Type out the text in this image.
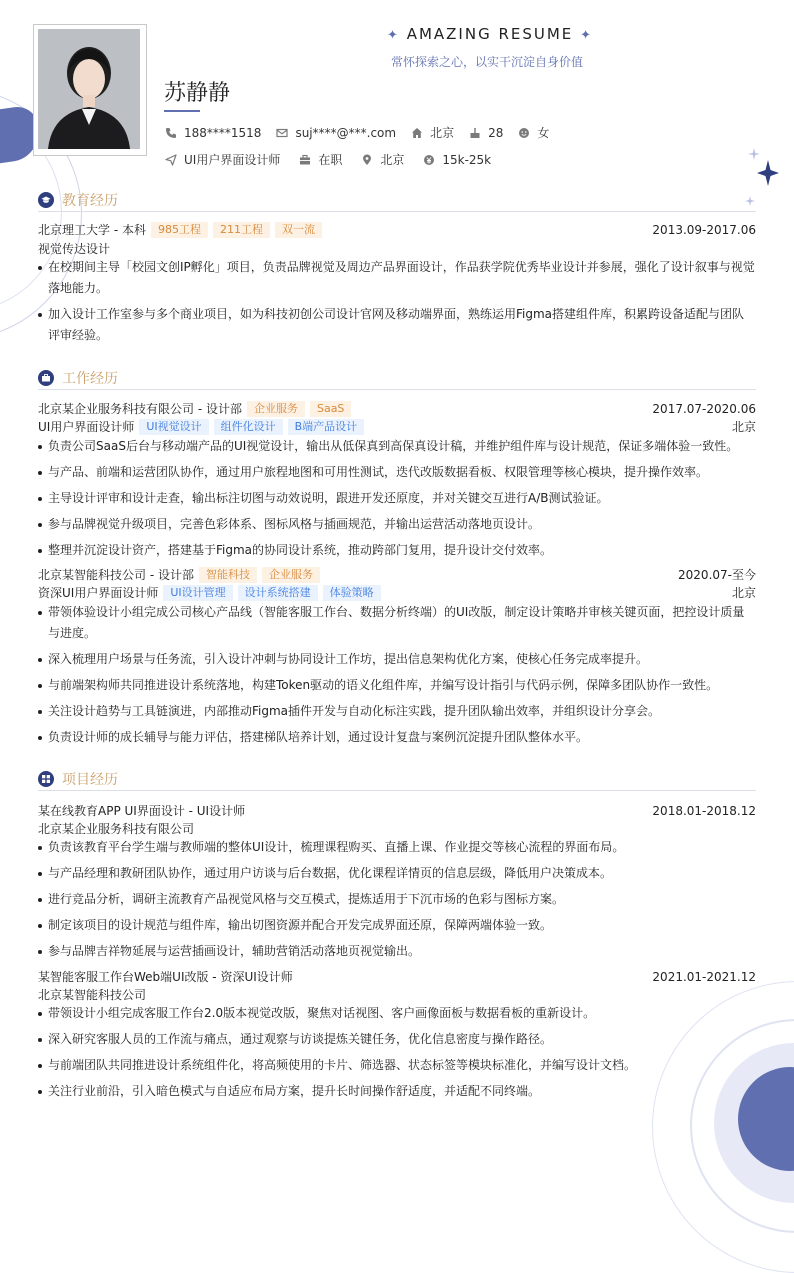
✦ AMAZING RESUME ✦
常怀探索之心，以实干沉淀自身价值
苏静静
188****1518	suj****@***.com	北京	28	女
UI用户界面设计师	在职	北京	15k-25k
教育经历
北京理工大学 - 本科	985工程	211工程	双一流	2013.09-2017.06
视觉传达设计
在校期间主导「校园文创IP孵化」项目，负责品牌视觉及周边产品界面设计，作品获学院优秀毕业设计并参展，强化了设计叙事与视觉落地能力。
加入设计工作室参与多个商业项目，如为科技初创公司设计官网及移动端界面，熟练运用Figma搭建组件库，积累跨设备适配与团队评审经验。
工作经历
北京某企业服务科技有限公司 - 设计部	企业服务	SaaS	2017.07-2020.06
UI用户界面设计师	UI视觉设计	组件化设计	B端产品设计	北京
负责公司SaaS后台与移动端产品的UI视觉设计，输出从低保真到高保真设计稿，并维护组件库与设计规范，保证多端体验一致性。
与产品、前端和运营团队协作，通过用户旅程地图和可用性测试，迭代改版数据看板、权限管理等核心模块，提升操作效率。
主导设计评审和设计走查，输出标注切图与动效说明，跟进开发还原度，并对关键交互进行A/B测试验证。
参与品牌视觉升级项目，完善色彩体系、图标风格与插画规范，并输出运营活动落地页设计。
整理并沉淀设计资产，搭建基于Figma的协同设计系统，推动跨部门复用，提升设计交付效率。
北京某智能科技公司 - 设计部	智能科技	企业服务	2020.07-至今
资深UI用户界面设计师	UI设计管理	设计系统搭建	体验策略	北京
带领体验设计小组完成公司核心产品线（智能客服工作台、数据分析终端）的UI改版，制定设计策略并审核关键页面，把控设计质量与进度。
深入梳理用户场景与任务流，引入设计冲刺与协同设计工作坊，提出信息架构优化方案，使核心任务完成率提升。
与前端架构师共同推进设计系统落地，构建Token驱动的语义化组件库，并编写设计指引与代码示例，保障多团队协作一致性。
关注设计趋势与工具链演进，内部推动Figma插件开发与自动化标注实践，提升团队输出效率，并组织设计分享会。
负责设计师的成长辅导与能力评估，搭建梯队培养计划，通过设计复盘与案例沉淀提升团队整体水平。
项目经历
某在线教育APP UI界面设计 - UI设计师	2018.01-2018.12
北京某企业服务科技有限公司
负责该教育平台学生端与教师端的整体UI设计，梳理课程购买、直播上课、作业提交等核心流程的界面布局。
与产品经理和教研团队协作，通过用户访谈与后台数据，优化课程详情页的信息层级，降低用户决策成本。
进行竞品分析，调研主流教育产品视觉风格与交互模式，提炼适用于下沉市场的色彩与图标方案。
制定该项目的设计规范与组件库，输出切图资源并配合开发完成界面还原，保障两端体验一致。
参与品牌吉祥物延展与运营插画设计，辅助营销活动落地页视觉输出。
某智能客服工作台Web端UI改版 - 资深UI设计师	2021.01-2021.12
北京某智能科技公司
带领设计小组完成客服工作台2.0版本视觉改版，聚焦对话视图、客户画像面板与数据看板的重新设计。
深入研究客服人员的工作流与痛点，通过观察与访谈提炼关键任务，优化信息密度与操作路径。
与前端团队共同推进设计系统组件化，将高频使用的卡片、筛选器、状态标签等模块标准化，并编写设计文档。
关注行业前沿，引入暗色模式与自适应布局方案，提升长时间操作舒适度，并适配不同终端。
